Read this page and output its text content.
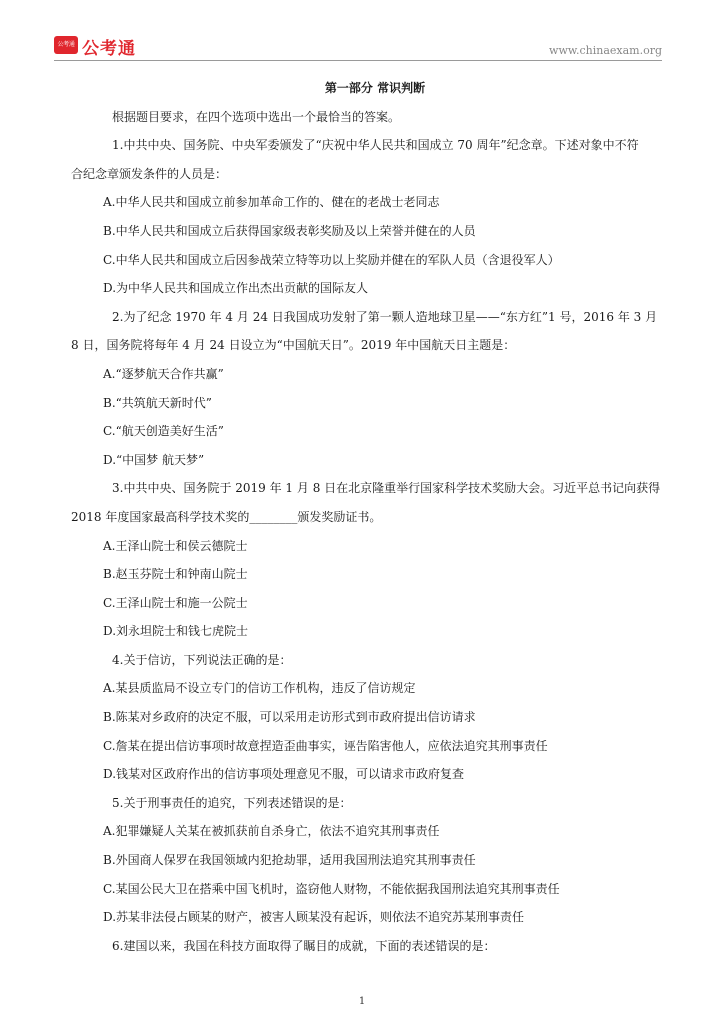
公考通 公考通	www.chinaexam.org
第一部分 常识判断
根据题目要求，在四个选项中选出一个最恰当的答案。
1.中共中央、国务院、中央军委颁发了“庆祝中华人民共和国成立 70 周年”纪念章。下述对象中不符
合纪念章颁发条件的人员是：
A.中华人民共和国成立前参加革命工作的、健在的老战士老同志
B.中华人民共和国成立后获得国家级表彰奖励及以上荣誉并健在的人员
C.中华人民共和国成立后因参战荣立特等功以上奖励并健在的军队人员（含退役军人）
D.为中华人民共和国成立作出杰出贡献的国际友人
2.为了纪念 1970 年 4 月 24 日我国成功发射了第一颗人造地球卫星——“东方红”1 号，2016 年 3 月
8 日，国务院将每年 4 月 24 日设立为“中国航天日”。2019 年中国航天日主题是：
A.“逐梦航天合作共赢”
B.“共筑航天新时代”
C.“航天创造美好生活”
D.“中国梦 航天梦”
3.中共中央、国务院于 2019 年 1 月 8 日在北京隆重举行国家科学技术奖励大会。习近平总书记向获得
2018 年度国家最高科学技术奖的________颁发奖励证书。
A.王泽山院士和侯云德院士
B.赵玉芬院士和钟南山院士
C.王泽山院士和施一公院士
D.刘永坦院士和钱七虎院士
4.关于信访，下列说法正确的是：
A.某县质监局不设立专门的信访工作机构，违反了信访规定
B.陈某对乡政府的决定不服，可以采用走访形式到市政府提出信访请求
C.詹某在提出信访事项时故意捏造歪曲事实，诬告陷害他人，应依法追究其刑事责任
D.钱某对区政府作出的信访事项处理意见不服，可以请求市政府复查
5.关于刑事责任的追究，下列表述错误的是：
A.犯罪嫌疑人关某在被抓获前自杀身亡，依法不追究其刑事责任
B.外国商人保罗在我国领域内犯抢劫罪，适用我国刑法追究其刑事责任
C.某国公民大卫在搭乘中国飞机时，盗窃他人财物，不能依据我国刑法追究其刑事责任
D.苏某非法侵占顾某的财产，被害人顾某没有起诉，则依法不追究苏某刑事责任
6.建国以来，我国在科技方面取得了瞩目的成就，下面的表述错误的是：
1
